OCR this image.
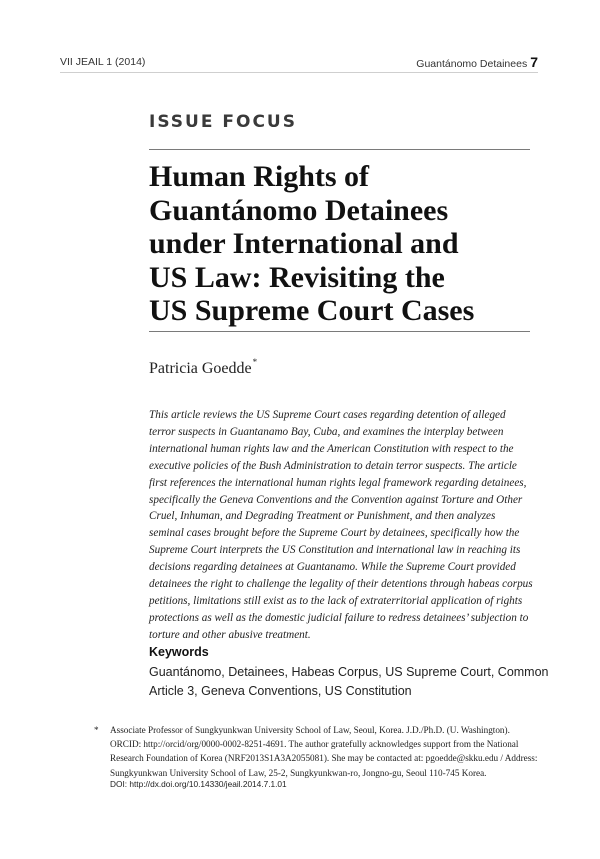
VII JEAIL 1 (2014)	Guantánomo Detainees 7
ISSUE FOCUS
Human Rights of
Guantánomo Detainees
under International and
US Law: Revisiting the
US Supreme Court Cases
Patricia Goedde*

This article reviews the US Supreme Court cases regarding detention of alleged
terror suspects in Guantanamo Bay, Cuba, and examines the interplay between
international human rights law and the American Constitution with respect to the
executive policies of the Bush Administration to detain terror suspects. The article
first references the international human rights legal framework regarding detainees,
specifically the Geneva Conventions and the Convention against Torture and Other
Cruel, Inhuman, and Degrading Treatment or Punishment, and then analyzes
seminal cases brought before the Supreme Court by detainees, specifically how the
Supreme Court interprets the US Constitution and international law in reaching its
decisions regarding detainees at Guantanamo. While the Supreme Court provided
detainees the right to challenge the legality of their detentions through habeas corpus
petitions, limitations still exist as to the lack of extraterritorial application of rights
protections as well as the domestic judicial failure to redress detainees’ subjection to
torture and other abusive treatment.

Keywords

Guantánomo, Detainees, Habeas Corpus, US Supreme Court, Common
Article 3, Geneva Conventions, US Constitution

* Associate Professor of Sungkyunkwan University School of Law, Seoul, Korea. J.D./Ph.D. (U. Washington).
ORCID: http://orcid/org/0000-0002-8251-4691. The author gratefully acknowledges support from the National
Research Foundation of Korea (NRF2013S1A3A2055081). She may be contacted at: pgoedde@skku.edu / Address:
Sungkyunkwan University School of Law, 25-2, Sungkyunkwan-ro, Jongno-gu, Seoul 110-745 Korea.
DOI: http://dx.doi.org/10.14330/jeail.2014.7.1.01
